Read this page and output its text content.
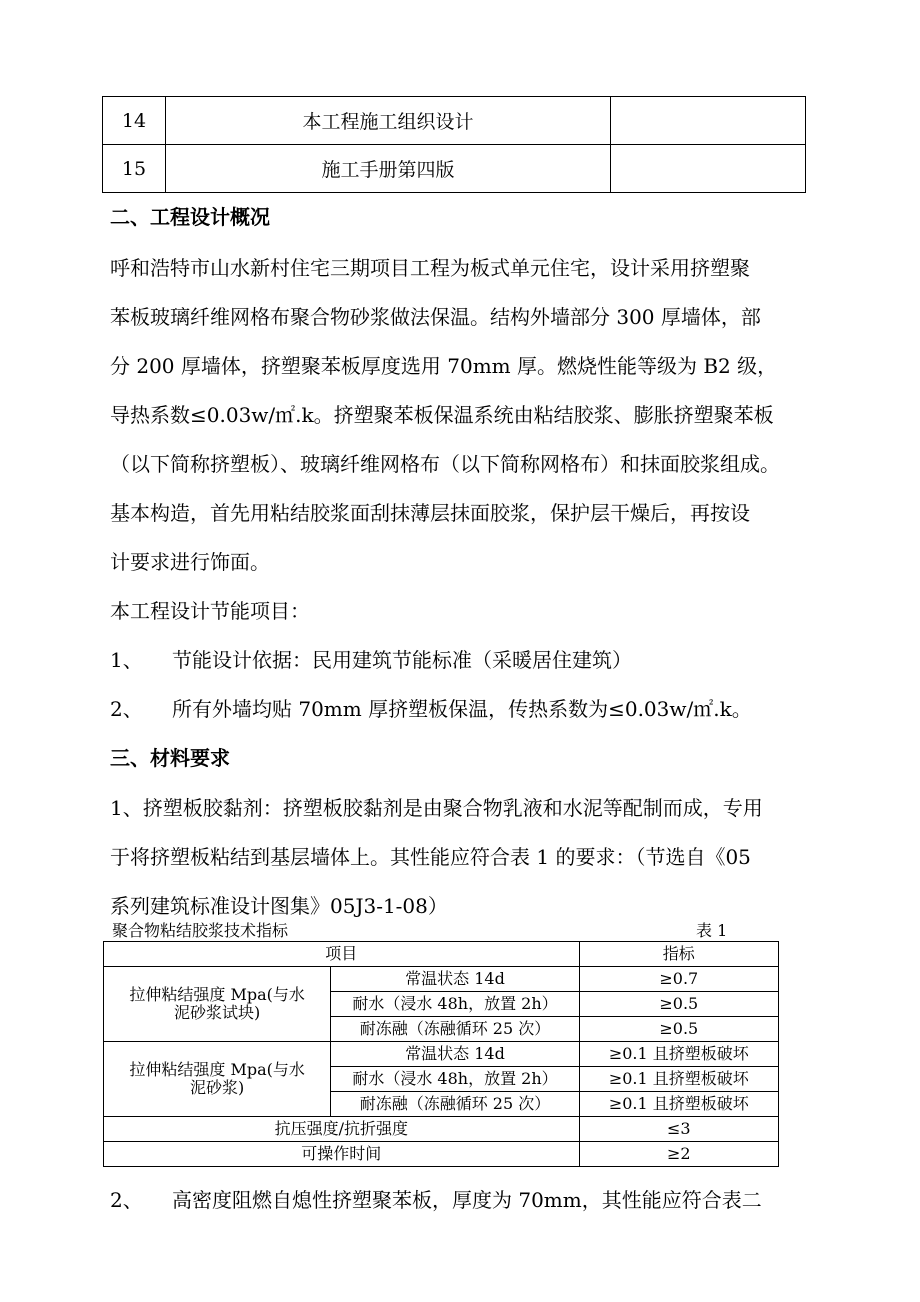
14	本工程施工组织设计	
15	施工手册第四版	
二、工程设计概况
呼和浩特市山水新村住宅三期项目工程为板式单元住宅，设计采用挤塑聚
苯板玻璃纤维网格布聚合物砂浆做法保温。结构外墙部分 300 厚墙体，部
分 200 厚墙体，挤塑聚苯板厚度选用 70mm 厚。燃烧性能等级为 B2 级，
导热系数≤0.03w/㎡.k。挤塑聚苯板保温系统由粘结胶浆、膨胀挤塑聚苯板
（以下简称挤塑板）、玻璃纤维网格布（以下简称网格布）和抹面胶浆组成。
基本构造，首先用粘结胶浆面刮抹薄层抹面胶浆，保护层干燥后，再按设
计要求进行饰面。
本工程设计节能项目：
1、 节能设计依据：民用建筑节能标准（采暖居住建筑）
2、 所有外墙均贴 70mm 厚挤塑板保温，传热系数为≤0.03w/㎡.k。
三、材料要求
1、挤塑板胶黏剂：挤塑板胶黏剂是由聚合物乳液和水泥等配制而成，专用
于将挤塑板粘结到基层墙体上。其性能应符合表 1 的要求：（节选自《05
系列建筑标准设计图集》05J3-1-08）
聚合物粘结胶浆技术指标	表 1
项目		指标

拉伸粘结强度 Mpa(与水
泥砂浆试块)	常温状态 14d	≥0.7
	耐水（浸水 48h，放置 2h）	≥0.5
	耐冻融（冻融循环 25 次）	≥0.5

拉伸粘结强度 Mpa(与水
泥砂浆)	常温状态 14d	≥0.1 且挤塑板破坏
	耐水（浸水 48h，放置 2h）	≥0.1 且挤塑板破坏
	耐冻融（冻融循环 25 次）	≥0.1 且挤塑板破坏
抗压强度/抗折强度		≤3
可操作时间		≥2
2、 高密度阻燃自熄性挤塑聚苯板，厚度为 70mm，其性能应符合表二
